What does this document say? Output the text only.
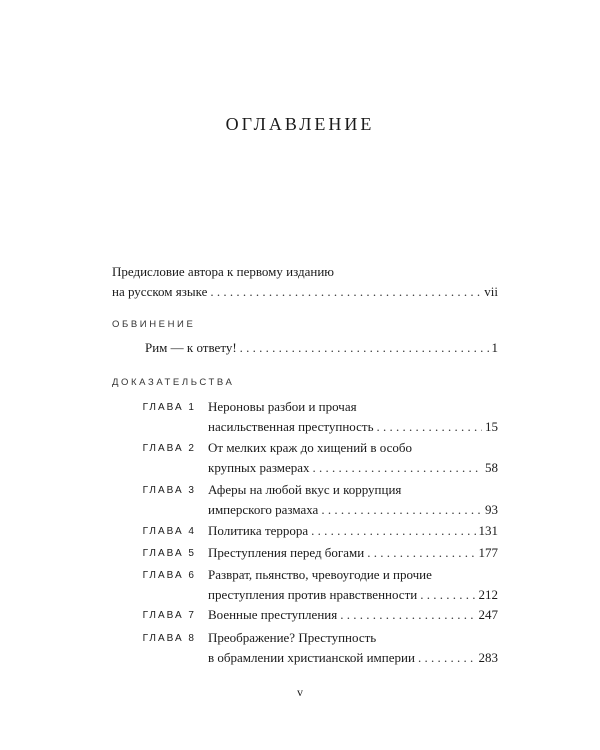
ОГЛАВЛЕНИЕ
Предисловие автора к первому изданию
на русском языке . . .	vii
ОБВИНЕНИЕ
Рим — к ответу! . . .	1
ДОКАЗАТЕЛЬСТВА
ГЛАВА 1 Нероновы разбои и прочая
насильственная преступность . . .	15
ГЛАВА 2 От мелких краж до хищений в особо
крупных размерах . . .	58
ГЛАВА 3 Аферы на любой вкус и коррупция
имперского размаха . . .	93
ГЛАВА 4 Политика террора . . .	131
ГЛАВА 5 Преступления перед богами . . .	177
ГЛАВА 6 Разврат, пьянство, чревоугодие и прочие
преступления против нравственности . . .	212
ГЛАВА 7 Военные преступления . . .	247
ГЛАВА 8 Преображение? Преступность
в обрамлении христианской империи . . .	283
v
